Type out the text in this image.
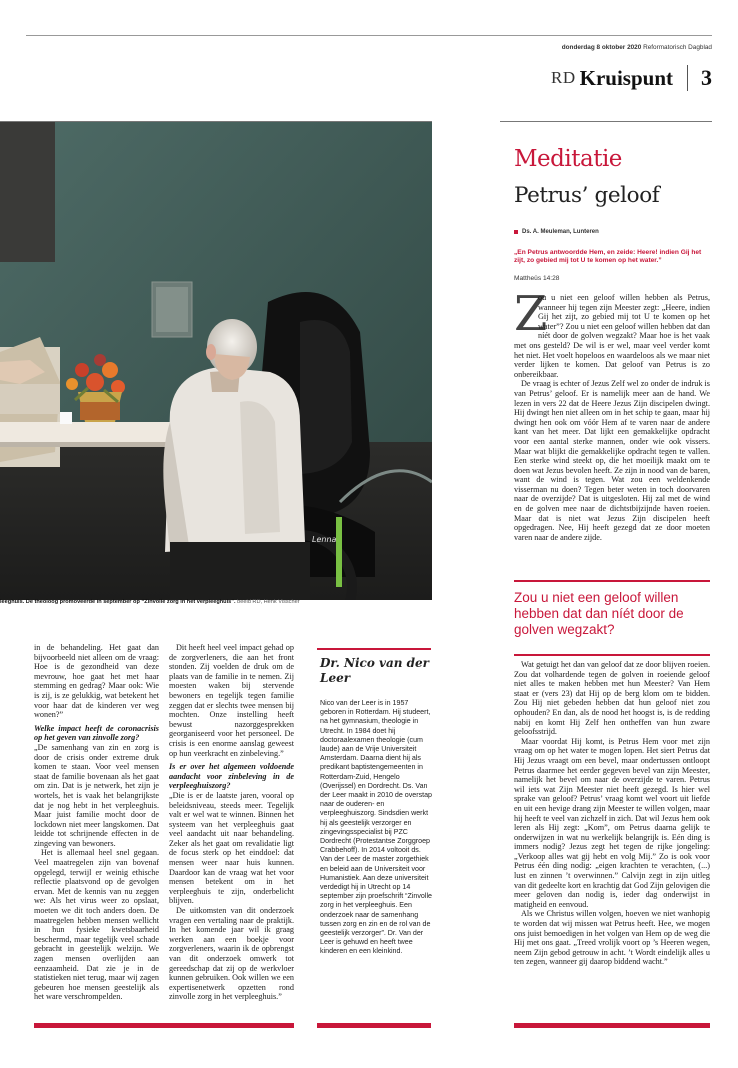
donderdag 8 oktober 2020 Reformatorisch Dagblad
RD Kruispunt 3
Lenna
leeghuis. De theoloog promoveerde in september op “Zinvolle zorg in het verpleeghuis”. beeld RD, Henk Visscher
Meditatie
Petrus’ geloof
Ds. A. Meuleman, Lunteren
„En Petrus antwoordde Hem, en zeide: Heere! indien Gij het zijt, zo gebied mij tot U te komen op het water.”
Mattheüs 14:28
Z

ou u niet een geloof willen hebben als Petrus, wanneer hij tegen zijn Meester zegt: „Heere, indien Gij het zijt, zo gebied mij tot U te komen op het water”? Zou u niet een geloof willen hebben dat dan níét door de golven wegzakt? Maar hoe is het vaak met ons gesteld? De wil is er wel, maar veel verder komt het niet. Het voelt hopeloos en waardeloos als we maar niet verder lijken te komen. Dat geloof van Petrus is zo onbereikbaar.

De vraag is echter of Jezus Zelf wel zo onder de indruk is van Petrus’ geloof. Er is namelijk meer aan de hand. We lezen in vers 22 dat de Heere Jezus Zijn discipelen dwingt. Hij dwingt hen niet alleen om in het schip te gaan, maar hij dwingt hen ook om vóór Hem af te varen naar de andere kant van het meer. Dat lijkt een gemakkelijke opdracht voor een aantal sterke mannen, onder wie ook vissers. Maar wat blijkt die gemakkelijke opdracht tegen te vallen. Een sterke wind steekt op, die het moeilijk maakt om te doen wat Jezus bevolen heeft. Ze zijn in nood van de baren, want de wind is tegen. Wat zou een weldenkende visserman nu doen? Tegen beter weten in toch doorvaren naar de overzijde? Dat is uitgesloten. Hij zal met de wind en de golven mee naar de dichtstbijzijnde haven roeien. Maar dat is niet wat Jezus Zijn discipelen heeft opgedragen. Nee, Hij heeft gezegd dat ze door moeten varen naar de andere zijde.

Zou u niet een geloof willen hebben dat dan níét door de golven wegzakt?

Wat getuigt het dan van geloof dat ze door blijven roeien. Zou dat volhardende tegen de golven in roeiende geloof niet alles te maken hebben met hun Meester? Van Hem staat er (vers 23) dat Hij op de berg klom om te bidden. Zou Hij niet gebeden hebben dat hun geloof niet zou ophouden? En dan, als de nood het hoogst is, is de redding nabij en komt Hij Zelf hen ontheffen van hun zware geloofsstrijd.

Maar voordat Hij komt, is Petrus Hem voor met zijn vraag om op het water te mogen lopen. Het siert Petrus dat Hij Jezus vraagt om een bevel, maar ondertussen ontloopt Petrus daarmee het eerder gegeven bevel van zijn Meester, namelijk het bevel om naar de overzijde te varen. Petrus wil iets wat Zijn Meester niet heeft gezegd. Is hier wel sprake van geloof? Petrus’ vraag komt wel voort uit liefde en uit een hevige drang zijn Meester te willen volgen, maar hij heeft te veel van zichzelf in zich. Dat wil Jezus hem ook leren als Hij zegt: „Kom”, om Petrus daarna gelijk te onderwijzen in wat nu werkelijk belangrijk is. Eén ding is immers nodig? Jezus zegt het tegen de rijke jongeling: „Verkoop alles wat gij hebt en volg Mij.” Zo is ook voor Petrus één ding nodig: „eigen krachten te verachten, (...) lust en zinnen ’t overwinnen.” Calvijn zegt in zijn uitleg van dit gedeelte kort en krachtig dat God Zijn gelovigen die meer geloven dan nodig is, ieder dag onderwijst in matigheid en eenvoud.

Als we Christus willen volgen, hoeven we niet wanhopig te worden dat wij missen wat Petrus heeft. Hee, we mogen ons juist bemoedigen in het volgen van Hem op de weg die Hij met ons gaat. „Treed vrolijk voort op ’s Heeren wegen, neem Zijn gebod getrouw in acht. ’t Wordt eindelijk alles u ten zegen, wanneer gij daarop biddend wacht.”

in de behandeling. Het gaat dan bijvoorbeeld niet alleen om de vraag: Hoe is de gezondheid van deze mevrouw, hoe gaat het met haar stemming en gedrag? Maar ook: Wie is zij, is ze gelukkig, wat betekent het voor haar dat de kinderen ver weg wonen?”

Welke impact heeft de coronacrisis op het geven van zinvolle zorg?

„De samenhang van zin en zorg is door de crisis onder extreme druk komen te staan. Voor veel mensen staat de familie bovenaan als het gaat om zin. Dat is je netwerk, het zijn je wortels, het is vaak het belangrijkste dat je nog hebt in het verpleeghuis. Maar juist familie mocht door de lockdown niet meer langskomen. Dat leidde tot schrijnende effecten in de zingeving van bewoners.

Het is allemaal heel snel gegaan. Veel maatregelen zijn van bovenaf opgelegd, terwijl er weinig ethische reflectie plaatsvond op de gevolgen ervan. Met de kennis van nu zeggen we: Als het virus weer zo opslaat, moeten we dit toch anders doen. De maatregelen hebben mensen wellicht in hun fysieke kwetsbaarheid beschermd, maar tegelijk veel schade gebracht in geestelijk welzijn. We zagen mensen overlijden aan eenzaamheid. Dat zie je in de statistieken niet terug, maar wij zagen gebeuren hoe mensen geestelijk als het ware verschrompelden.

Dit heeft heel veel impact gehad op de zorgverleners, die aan het front stonden. Zij voelden de druk om de plaats van de familie in te nemen. Zij moesten waken bij stervende bewoners en tegelijk tegen familie zeggen dat er slechts twee mensen bij mochten. Onze instelling heeft bewust nazorggesprekken georganiseerd voor het personeel. De crisis is een enorme aanslag geweest op hun veerkracht en zinbeleving.”

Is er over het algemeen voldoende aandacht voor zinbeleving in de verpleeghuiszorg?

„Die is er de laatste jaren, vooral op beleidsniveau, steeds meer. Tegelijk valt er wel wat te winnen. Binnen het systeem van het verpleeghuis gaat veel aandacht uit naar behandeling. Zeker als het gaat om revalidatie ligt de focus sterk op het einddoel: dat mensen weer naar huis kunnen. Daardoor kan de vraag wat het voor mensen betekent om in het verpleeghuis te zijn, onderbelicht blijven.

De uitkomsten van dit onderzoek vragen een vertaling naar de praktijk. In het komende jaar wil ik graag werken aan een boekje voor zorgverleners, waarin ik de opbrengst van dit onderzoek omwerk tot gereedschap dat zij op de werkvloer kunnen gebruiken. Ook willen we een expertisenetwerk opzetten rond zinvolle zorg in het verpleeghuis.”

Dr. Nico van der Leer
Nico van der Leer is in 1957 geboren in Rotterdam. Hij studeert, na het gymnasium, theologie in Utrecht. In 1984 doet hij doctoraalexamen theologie (cum laude) aan de Vrije Universiteit Amsterdam. Daarna dient hij als predikant baptistengemeenten in Rotterdam-Zuid, Hengelo (Overijssel) en Dordrecht. Ds. Van der Leer maakt in 2010 de overstap naar de ouderen- en verpleeghuiszorg. Sindsdien werkt hij als geestelijk verzorger en zingevingsspecialist bij PZC Dordrecht (Protestantse Zorggroep Crabbehoff). In 2014 voltooit ds. Van der Leer de master zorgethiek en beleid aan de Universiteit voor Humanistiek. Aan deze universiteit verdedigt hij in Utrecht op 14 september zijn proefschrift “Zinvolle zorg in het verpleeghuis. Een onderzoek naar de samenhang tussen zorg en zin en de rol van de geestelijk verzorger”. Dr. Van der Leer is gehuwd en heeft twee kinderen en een kleinkind.
